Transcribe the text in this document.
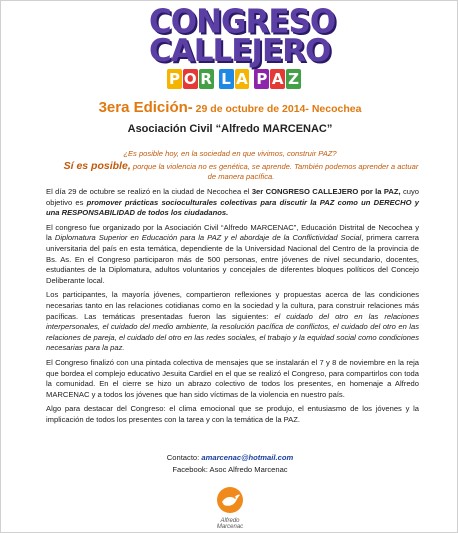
CONGRESO
CALLEJERO
P O R L A P A Z
3era Edición- 29 de octubre de 2014- Necochea
Asociación Civil “Alfredo MARCENAC”
¿Es posible hoy, en la sociedad en que vivimos, construir PAZ?
Sí es posible, porque la violencia no es genética, se aprende. También podemos aprender a actuar de manera pacífica.

El día 29 de octubre se realizó en la ciudad de Necochea el 3er CONGRESO CALLEJERO por la PAZ, cuyo objetivo es promover prácticas socioculturales colectivas para discutir la PAZ como un DERECHO y una RESPONSABILIDAD de todos los ciudadanos.

El congreso fue organizado por la Asociación Civil “Alfredo MARCENAC”, Educación Distrital de Necochea y la Diplomatura Superior en Educación para la PAZ y el abordaje de la Conflictividad Social, primera carrera universitaria del país en esta temática, dependiente de la Universidad Nacional del Centro de la provincia de Bs. As. En el Congreso participaron más de 500 personas, entre jóvenes de nivel secundario, docentes, estudiantes de la Diplomatura, adultos voluntarios y concejales de diferentes bloques políticos del Concejo Deliberante local.

Los participantes, la mayoría jóvenes, compartieron reflexiones y propuestas acerca de las condiciones necesarias tanto en las relaciones cotidianas como en la sociedad y la cultura, para construir relaciones más pacíficas. Las temáticas presentadas fueron las siguientes: el cuidado del otro en las relaciones interpersonales, el cuidado del medio ambiente, la resolución pacífica de conflictos, el cuidado del otro en las relaciones de pareja, el cuidado del otro en las redes sociales, el trabajo y la equidad social como condiciones necesarias para la paz.

El Congreso finalizó con una pintada colectiva de mensajes que se instalarán el 7 y 8 de noviembre en la reja que bordea el complejo educativo Jesuita Cardiel en el que se realizó el Congreso, para compartirlos con toda la comunidad. En el cierre se hizo un abrazo colectivo de todos los presentes, en homenaje a Alfredo MARCENAC y a todos los jóvenes que han sido víctimas de la violencia en nuestro país.

Algo para destacar del Congreso: el clima emocional que se produjo, el entusiasmo de los jóvenes y la implicación de todos los presentes con la tarea y con la temática de la PAZ.

Contacto: amarcenac@hotmail.com
Facebook: Asoc Alfredo Marcenac
Alfredo Marcenac
